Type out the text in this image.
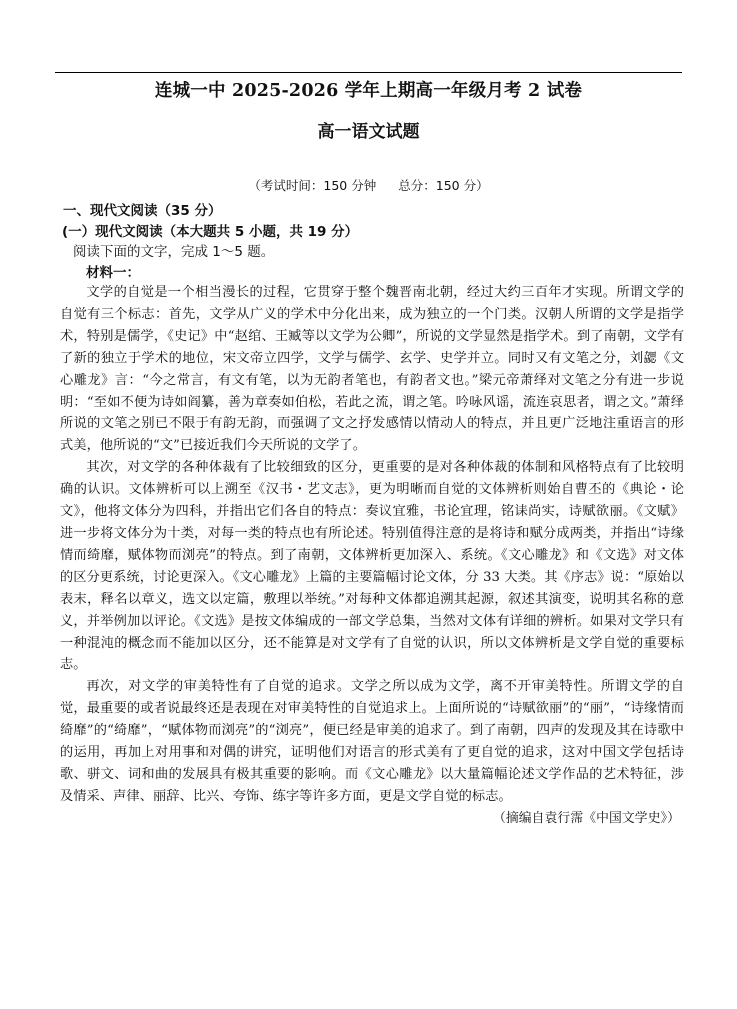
连城一中 2025-2026 学年上期高一年级月考 2 试卷
高一语文试题
（考试时间：150 分钟 总分：150 分）
一、现代文阅读（35 分）
(一）现代文阅读（本大题共 5 小题，共 19 分）
阅读下面的文字，完成 1～5 题。
材料一：

文学的自觉是一个相当漫长的过程，它贯穿于整个魏晋南北朝，经过大约三百年才实现。所谓文学的自觉有三个标志：首先，文学从广义的学术中分化出来，成为独立的一个门类。汉朝人所谓的文学是指学术，特别是儒学，《史记》中“赵绾、王臧等以文学为公卿”，所说的文学显然是指学术。到了南朝，文学有了新的独立于学术的地位，宋文帝立四学，文学与儒学、玄学、史学并立。同时又有文笔之分，刘勰《文心雕龙》言：“今之常言，有文有笔，以为无韵者笔也，有韵者文也。”梁元帝萧绎对文笔之分有进一步说明：“至如不便为诗如阎纂，善为章奏如伯松，若此之流，谓之笔。吟咏风谣，流连哀思者，谓之文。”萧绎所说的文笔之别已不限于有韵无韵，而强调了文之抒发感情以情动人的特点，并且更广泛地注重语言的形式美，他所说的“文”已接近我们今天所说的文学了。

其次，对文学的各种体裁有了比较细致的区分，更重要的是对各种体裁的体制和风格特点有了比较明确的认识。文体辨析可以上溯至《汉书・艺文志》，更为明晰而自觉的文体辨析则始自曹丕的《典论・论文》，他将文体分为四科，并指出它们各自的特点：奏议宜雅，书论宜理，铭诔尚实，诗赋欲丽。《文赋》进一步将文体分为十类，对每一类的特点也有所论述。特别值得注意的是将诗和赋分成两类，并指出“诗缘情而绮靡，赋体物而浏亮”的特点。到了南朝，文体辨析更加深入、系统。《文心雕龙》和《文选》对文体的区分更系统，讨论更深入。《文心雕龙》上篇的主要篇幅讨论文体，分 33 大类。其《序志》说：“原始以表末，释名以章义，选文以定篇，敷理以举统。”对每种文体都追溯其起源，叙述其演变，说明其名称的意义，并举例加以评论。《文选》是按文体编成的一部文学总集，当然对文体有详细的辨析。如果对文学只有一种混沌的概念而不能加以区分，还不能算是对文学有了自觉的认识，所以文体辨析是文学自觉的重要标志。

再次，对文学的审美特性有了自觉的追求。文学之所以成为文学，离不开审美特性。所谓文学的自觉，最重要的或者说最终还是表现在对审美特性的自觉追求上。上面所说的“诗赋欲丽”的“丽”，“诗缘情而绮靡”的“绮靡”，“赋体物而浏亮”的“浏亮”，便已经是审美的追求了。到了南朝，四声的发现及其在诗歌中的运用，再加上对用事和对偶的讲究，证明他们对语言的形式美有了更自觉的追求，这对中国文学包括诗歌、骈文、词和曲的发展具有极其重要的影响。而《文心雕龙》以大量篇幅论述文学作品的艺术特征，涉及情采、声律、丽辞、比兴、夸饰、练字等许多方面，更是文学自觉的标志。

（摘编自袁行霈《中国文学史》）
